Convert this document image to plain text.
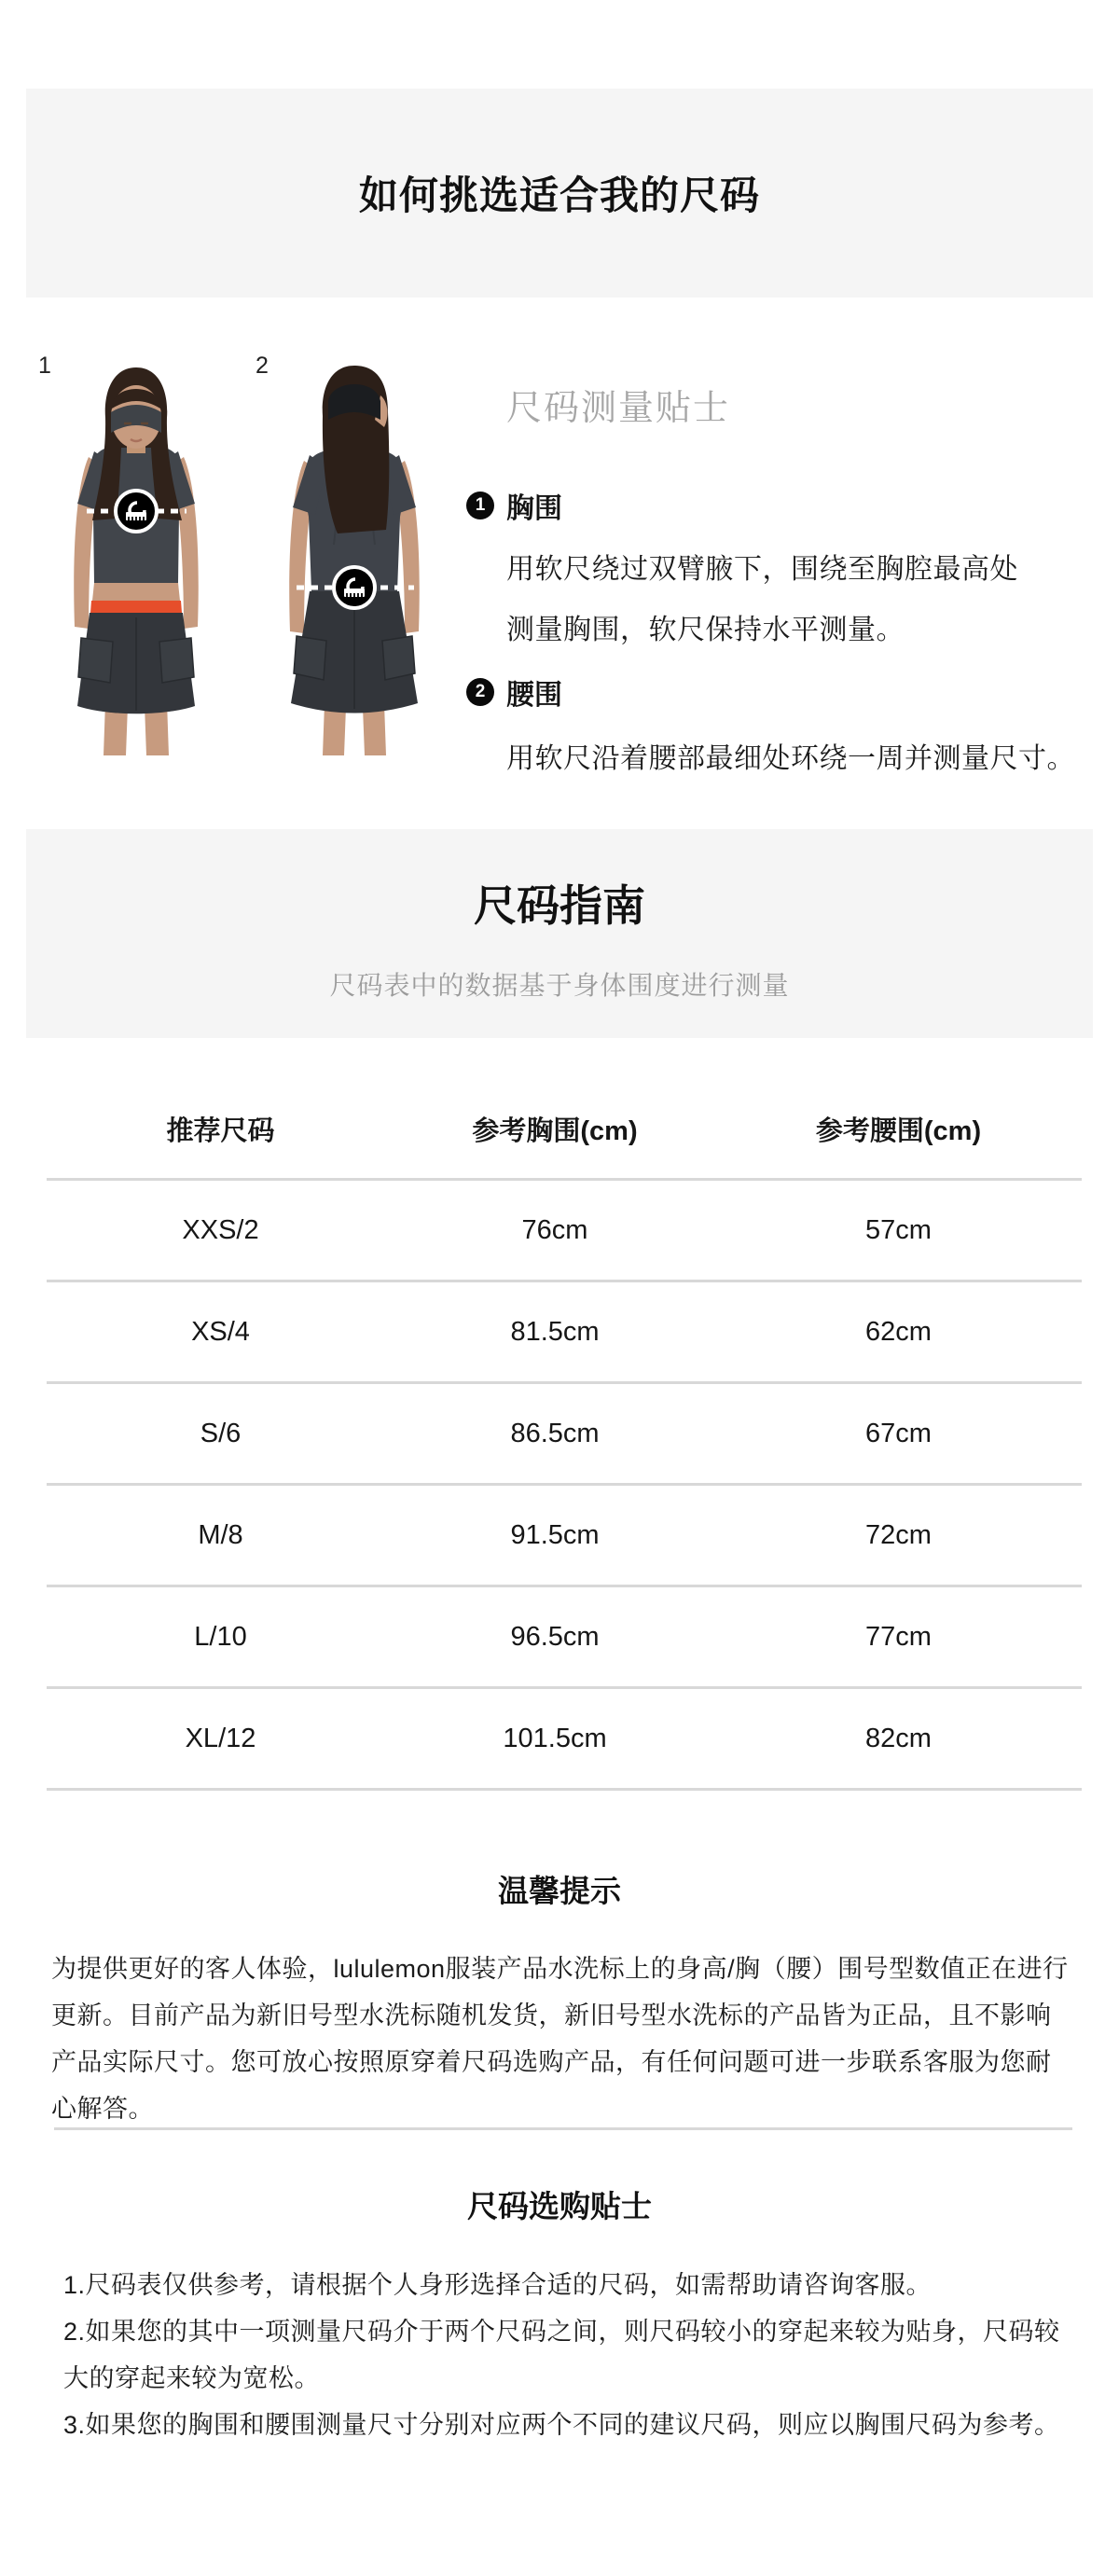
如何挑选适合我的尺码
1	2
尺码测量贴士
1 胸围

用软尺绕过双臂腋下，围绕至胸腔最高处

测量胸围，软尺保持水平测量。

2 腰围

用软尺沿着腰部最细处环绕一周并测量尺寸。

尺码指南

尺码表中的数据基于身体围度进行测量

推荐尺码	参考胸围(cm)	参考腰围(cm)
XXS/2	76cm	57cm
XS/4	81.5cm	62cm
S/6	86.5cm	67cm
M/8	91.5cm	72cm
L/10	96.5cm	77cm
XL/12	101.5cm	82cm
温馨提示

为提供更好的客人体验，lululemon服装产品水洗标上的身高/胸（腰）围号型数值正在进行更新。目前产品为新旧号型水洗标随机发货，新旧号型水洗标的产品皆为正品，且不影响产品实际尺寸。您可放心按照原穿着尺码选购产品，有任何问题可进一步联系客服为您耐心解答。

尺码选购贴士

1.尺码表仅供参考，请根据个人身形选择合适的尺码，如需帮助请咨询客服。

2.如果您的其中一项测量尺码介于两个尺码之间，则尺码较小的穿起来较为贴身，尺码较大的穿起来较为宽松。

3.如果您的胸围和腰围测量尺寸分别对应两个不同的建议尺码，则应以胸围尺码为参考。
